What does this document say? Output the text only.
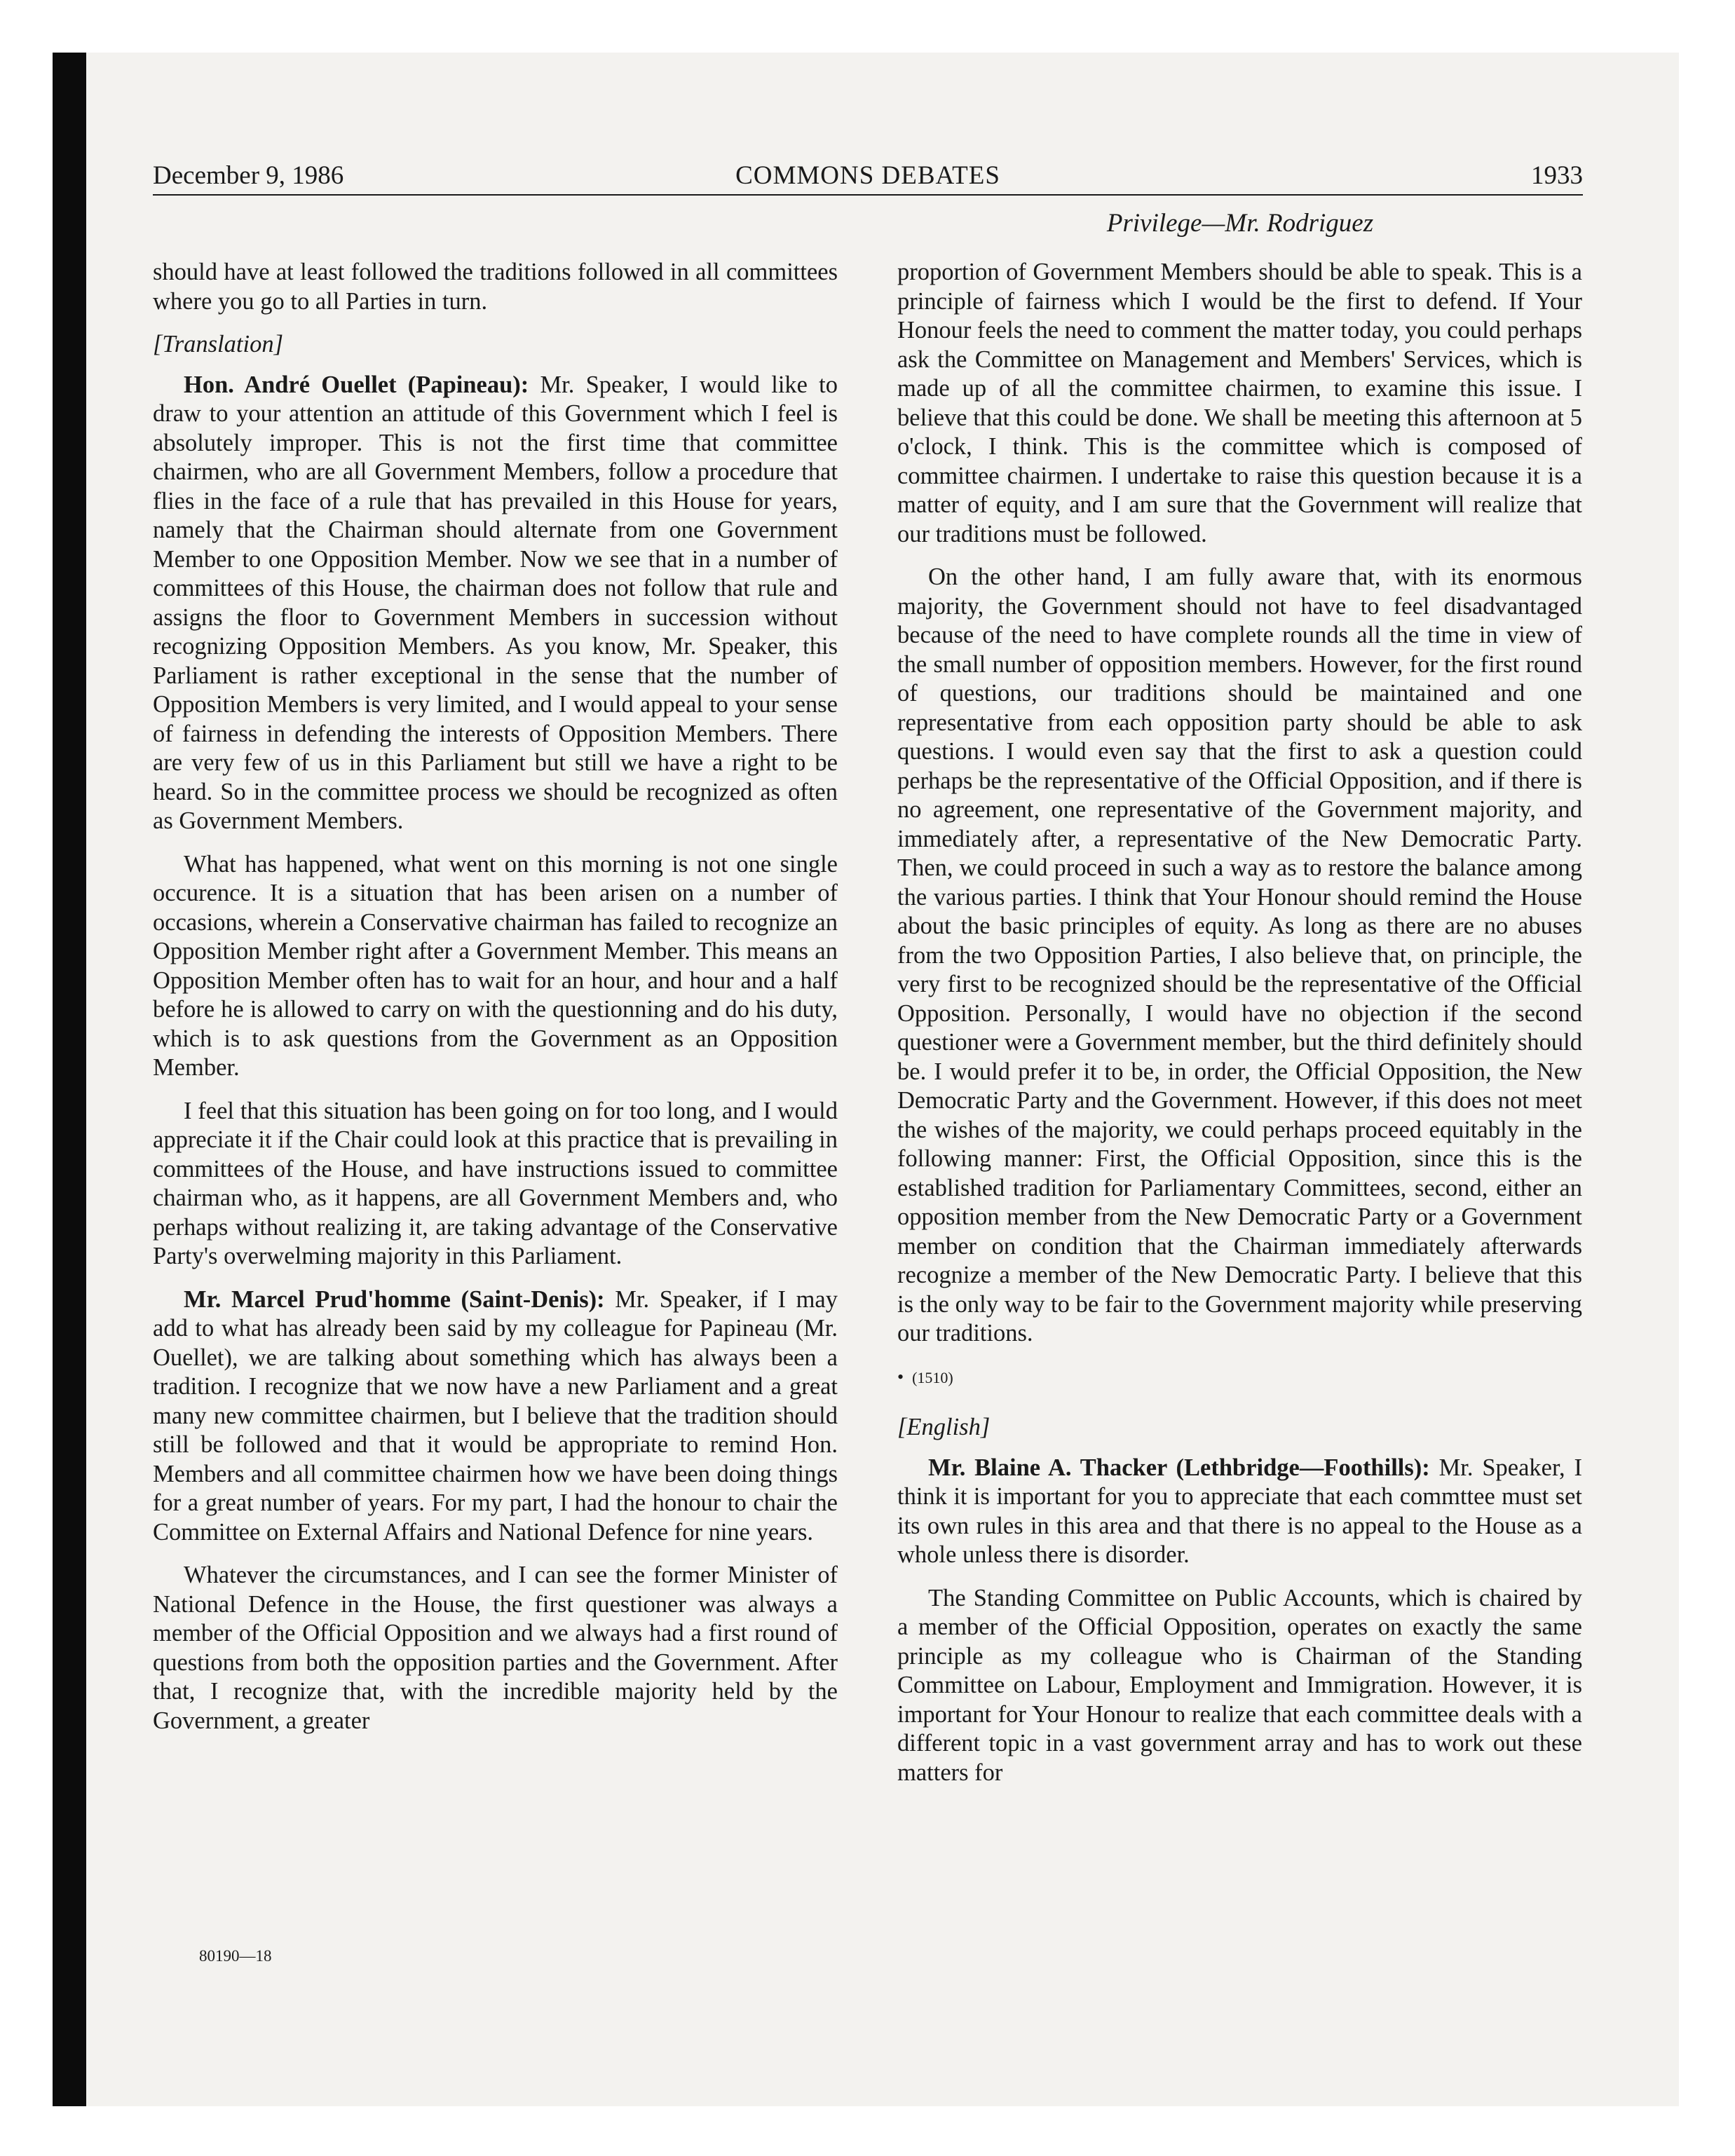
December 9, 1986	COMMONS DEBATES	1933
Privilege—Mr. Rodriguez

should have at least followed the traditions followed in all committees where you go to all Parties in turn.

[Translation]

Hon. André Ouellet (Papineau): Mr. Speaker, I would like to draw to your attention an attitude of this Government which I feel is absolutely improper. This is not the first time that committee chairmen, who are all Government Members, follow a procedure that flies in the face of a rule that has prevailed in this House for years, namely that the Chairman should alternate from one Government Member to one Opposition Member. Now we see that in a number of committees of this House, the chairman does not follow that rule and assigns the floor to Government Members in succession without recognizing Opposition Members. As you know, Mr. Speaker, this Parliament is rather exceptional in the sense that the number of Opposition Members is very limited, and I would appeal to your sense of fairness in defending the interests of Opposition Members. There are very few of us in this Parliament but still we have a right to be heard. So in the committee process we should be recognized as often as Government Members.

What has happened, what went on this morning is not one single occurence. It is a situation that has been arisen on a number of occasions, wherein a Conservative chairman has failed to recognize an Opposition Member right after a Government Member. This means an Opposition Member often has to wait for an hour, and hour and a half before he is allowed to carry on with the questionning and do his duty, which is to ask questions from the Government as an Opposition Member.

I feel that this situation has been going on for too long, and I would appreciate it if the Chair could look at this practice that is prevailing in committees of the House, and have instructions issued to committee chairman who, as it happens, are all Government Members and, who perhaps without realizing it, are taking advantage of the Conservative Party's overwelming majority in this Parliament.

Mr. Marcel Prud'homme (Saint-Denis): Mr. Speaker, if I may add to what has already been said by my colleague for Papineau (Mr. Ouellet), we are talking about something which has always been a tradition. I recognize that we now have a new Parliament and a great many new committee chairmen, but I believe that the tradition should still be followed and that it would be appropriate to remind Hon. Members and all committee chairmen how we have been doing things for a great number of years. For my part, I had the honour to chair the Committee on External Affairs and National Defence for nine years.

Whatever the circumstances, and I can see the former Minister of National Defence in the House, the first questioner was always a member of the Official Opposition and we always had a first round of questions from both the opposition parties and the Government. After that, I recognize that, with the incredible majority held by the Government, a greater

proportion of Government Members should be able to speak. This is a principle of fairness which I would be the first to defend. If Your Honour feels the need to comment the matter today, you could perhaps ask the Committee on Management and Members' Services, which is made up of all the committee chairmen, to examine this issue. I believe that this could be done. We shall be meeting this afternoon at 5 o'clock, I think. This is the committee which is composed of committee chairmen. I undertake to raise this question because it is a matter of equity, and I am sure that the Government will realize that our traditions must be followed.

On the other hand, I am fully aware that, with its enormous majority, the Government should not have to feel disadvantaged because of the need to have complete rounds all the time in view of the small number of opposition members. However, for the first round of questions, our traditions should be maintained and one representative from each opposition party should be able to ask questions. I would even say that the first to ask a question could perhaps be the representative of the Official Opposition, and if there is no agreement, one representative of the Government majority, and immediately after, a representative of the New Democratic Party. Then, we could proceed in such a way as to restore the balance among the various parties. I think that Your Honour should remind the House about the basic principles of equity. As long as there are no abuses from the two Opposition Parties, I also believe that, on principle, the very first to be recognized should be the representative of the Official Opposition. Personally, I would have no objection if the second questioner were a Government member, but the third definitely should be. I would prefer it to be, in order, the Official Opposition, the New Democratic Party and the Government. However, if this does not meet the wishes of the majority, we could perhaps proceed equitably in the following manner: First, the Official Opposition, since this is the established tradition for Parliamentary Committees, second, either an opposition member from the New Democratic Party or a Government member on condition that the Chairman immediately afterwards recognize a member of the New Democratic Party. I believe that this is the only way to be fair to the Government majority while preserving our traditions.

• (1510)

[English]

Mr. Blaine A. Thacker (Lethbridge—Foothills): Mr. Speaker, I think it is important for you to appreciate that each commttee must set its own rules in this area and that there is no appeal to the House as a whole unless there is disorder.

The Standing Committee on Public Accounts, which is chaired by a member of the Official Opposition, operates on exactly the same principle as my colleague who is Chairman of the Standing Committee on Labour, Employment and Immigration. However, it is important for Your Honour to realize that each committee deals with a different topic in a vast government array and has to work out these matters for

80190—18
